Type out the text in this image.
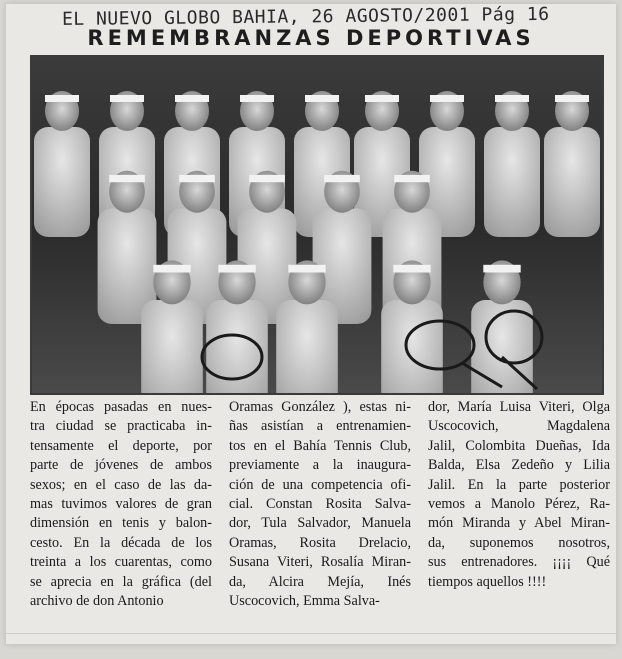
EL NUEVO GLOBO BAHIA, 26 AGOSTO/2001 Pág 16
REMEMBRANZAS DEPORTIVAS
En épocas pasadas en nues-
tra ciudad se practicaba in-
tensamente el deporte, por
parte de jóvenes de ambos
sexos; en el caso de las da-
mas tuvimos valores de gran
dimensión en tenis y balon-
cesto. En la década de los
treinta a los cuarentas, como
se aprecia en la gráfica (del
archivo de don Antonio
Oramas González ), estas ni-
ñas asistían a entrenamien-
tos en el Bahía Tennis Club,
previamente a la inaugura-
ción de una competencia ofi-
cial. Constan Rosita Salva-
dor, Tula Salvador, Manuela
Oramas, Rosita Drelacio,
Susana Viteri, Rosalía Miran-
da, Alcira Mejía, Inés
Uscocovich, Emma Salva-
dor, María Luisa Viteri, Olga
Uscocovich, Magdalena
Jalil, Colombita Dueñas, Ida
Balda, Elsa Zedeño y Lilia
Jalil. En la parte posterior
vemos a Manolo Pérez, Ra-
món Miranda y Abel Miran-
da, suponemos nosotros,
sus entrenadores. ¡¡¡¡ Qué
tiempos aquellos !!!!
